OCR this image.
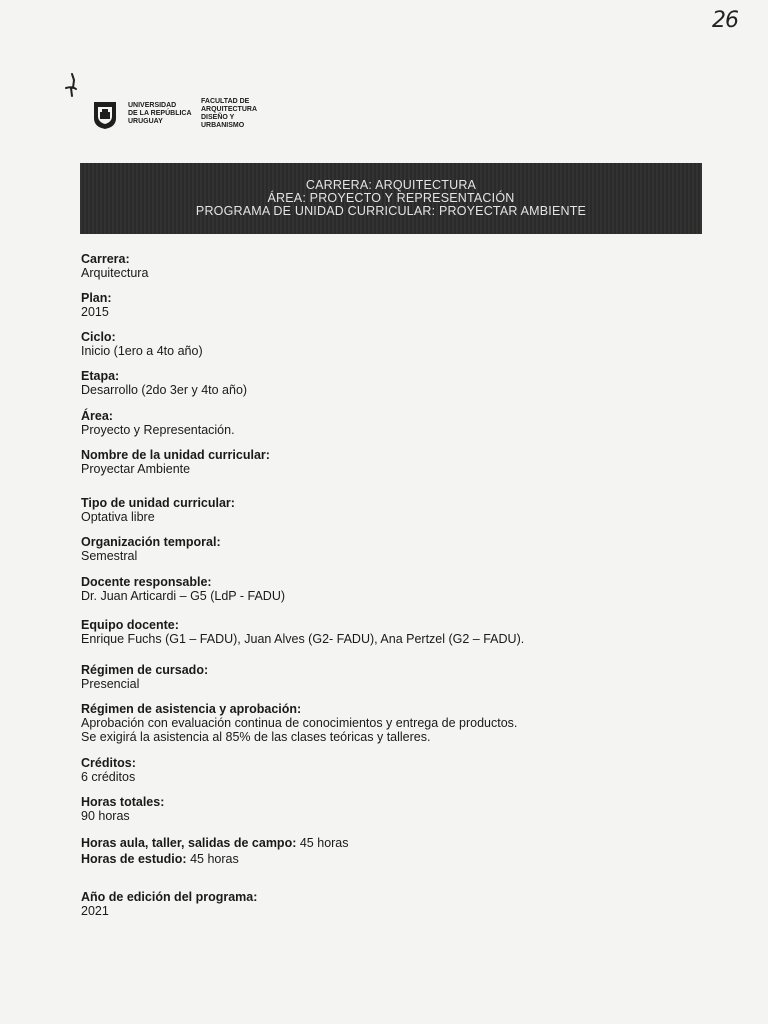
26
UNIVERSIDAD
DE LA REPÚBLICA
URUGUAY
FACULTAD DE
ARQUITECTURA
DISEÑO Y
URBANISMO
CARRERA: ARQUITECTURA
ÁREA: PROYECTO Y REPRESENTACIÓN
PROGRAMA DE UNIDAD CURRICULAR: PROYECTAR AMBIENTE
Carrera:
Arquitectura
Plan:
2015
Ciclo:
Inicio (1ero a 4to año)
Etapa:
Desarrollo (2do 3er y 4to año)
Área:
Proyecto y Representación.
Nombre de la unidad curricular:
Proyectar Ambiente
Tipo de unidad curricular:
Optativa libre
Organización temporal:
Semestral
Docente responsable:
Dr. Juan Articardi – G5 (LdP - FADU)
Equipo docente:
Enrique Fuchs (G1 – FADU), Juan Alves (G2- FADU), Ana Pertzel (G2 – FADU).
Régimen de cursado:
Presencial
Régimen de asistencia y aprobación:
Aprobación con evaluación continua de conocimientos y entrega de productos.
Se exigirá la asistencia al 85% de las clases teóricas y talleres.
Créditos:
6 créditos
Horas totales:
90 horas
Horas aula, taller, salidas de campo: 45 horas
Horas de estudio: 45 horas
Año de edición del programa:
2021
